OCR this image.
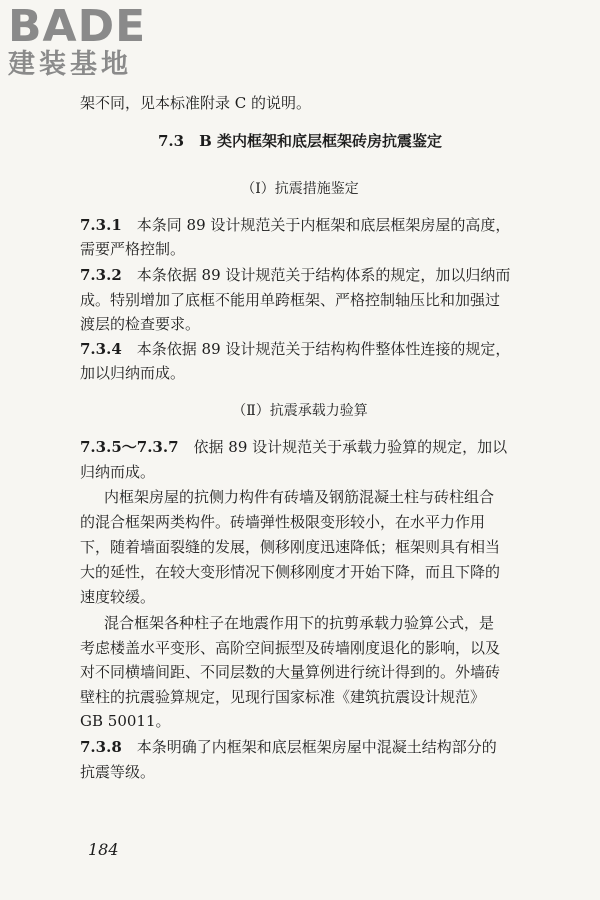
BADE
建装基地
架不同，见本标准附录 C 的说明。
7.3　B 类内框架和底层框架砖房抗震鉴定
（Ⅰ）抗震措施鉴定
7.3.1　 本条同 89 设计规范关于内框架和底层框架房屋的高度，
需要严格控制。
7.3.2　 本条依据 89 设计规范关于结构体系的规定，加以归纳而
成。特别增加了底框不能用单跨框架、严格控制轴压比和加强过
渡层的检查要求。
7.3.4　 本条依据 89 设计规范关于结构构件整体性连接的规定，
加以归纳而成。
（Ⅱ）抗震承载力验算
7.3.5～7.3.7　 依据 89 设计规范关于承载力验算的规定，加以
归纳而成。
内框架房屋的抗侧力构件有砖墙及钢筋混凝土柱与砖柱组合
的混合框架两类构件。砖墙弹性极限变形较小，在水平力作用
下，随着墙面裂缝的发展，侧移刚度迅速降低；框架则具有相当
大的延性，在较大变形情况下侧移刚度才开始下降，而且下降的
速度较缓。
混合框架各种柱子在地震作用下的抗剪承载力验算公式，是
考虑楼盖水平变形、高阶空间振型及砖墙刚度退化的影响，以及
对不同横墙间距、不同层数的大量算例进行统计得到的。外墙砖
壁柱的抗震验算规定，见现行国家标准《建筑抗震设计规范》
GB 50011。
7.3.8　 本条明确了内框架和底层框架房屋中混凝土结构部分的
抗震等级。
184
